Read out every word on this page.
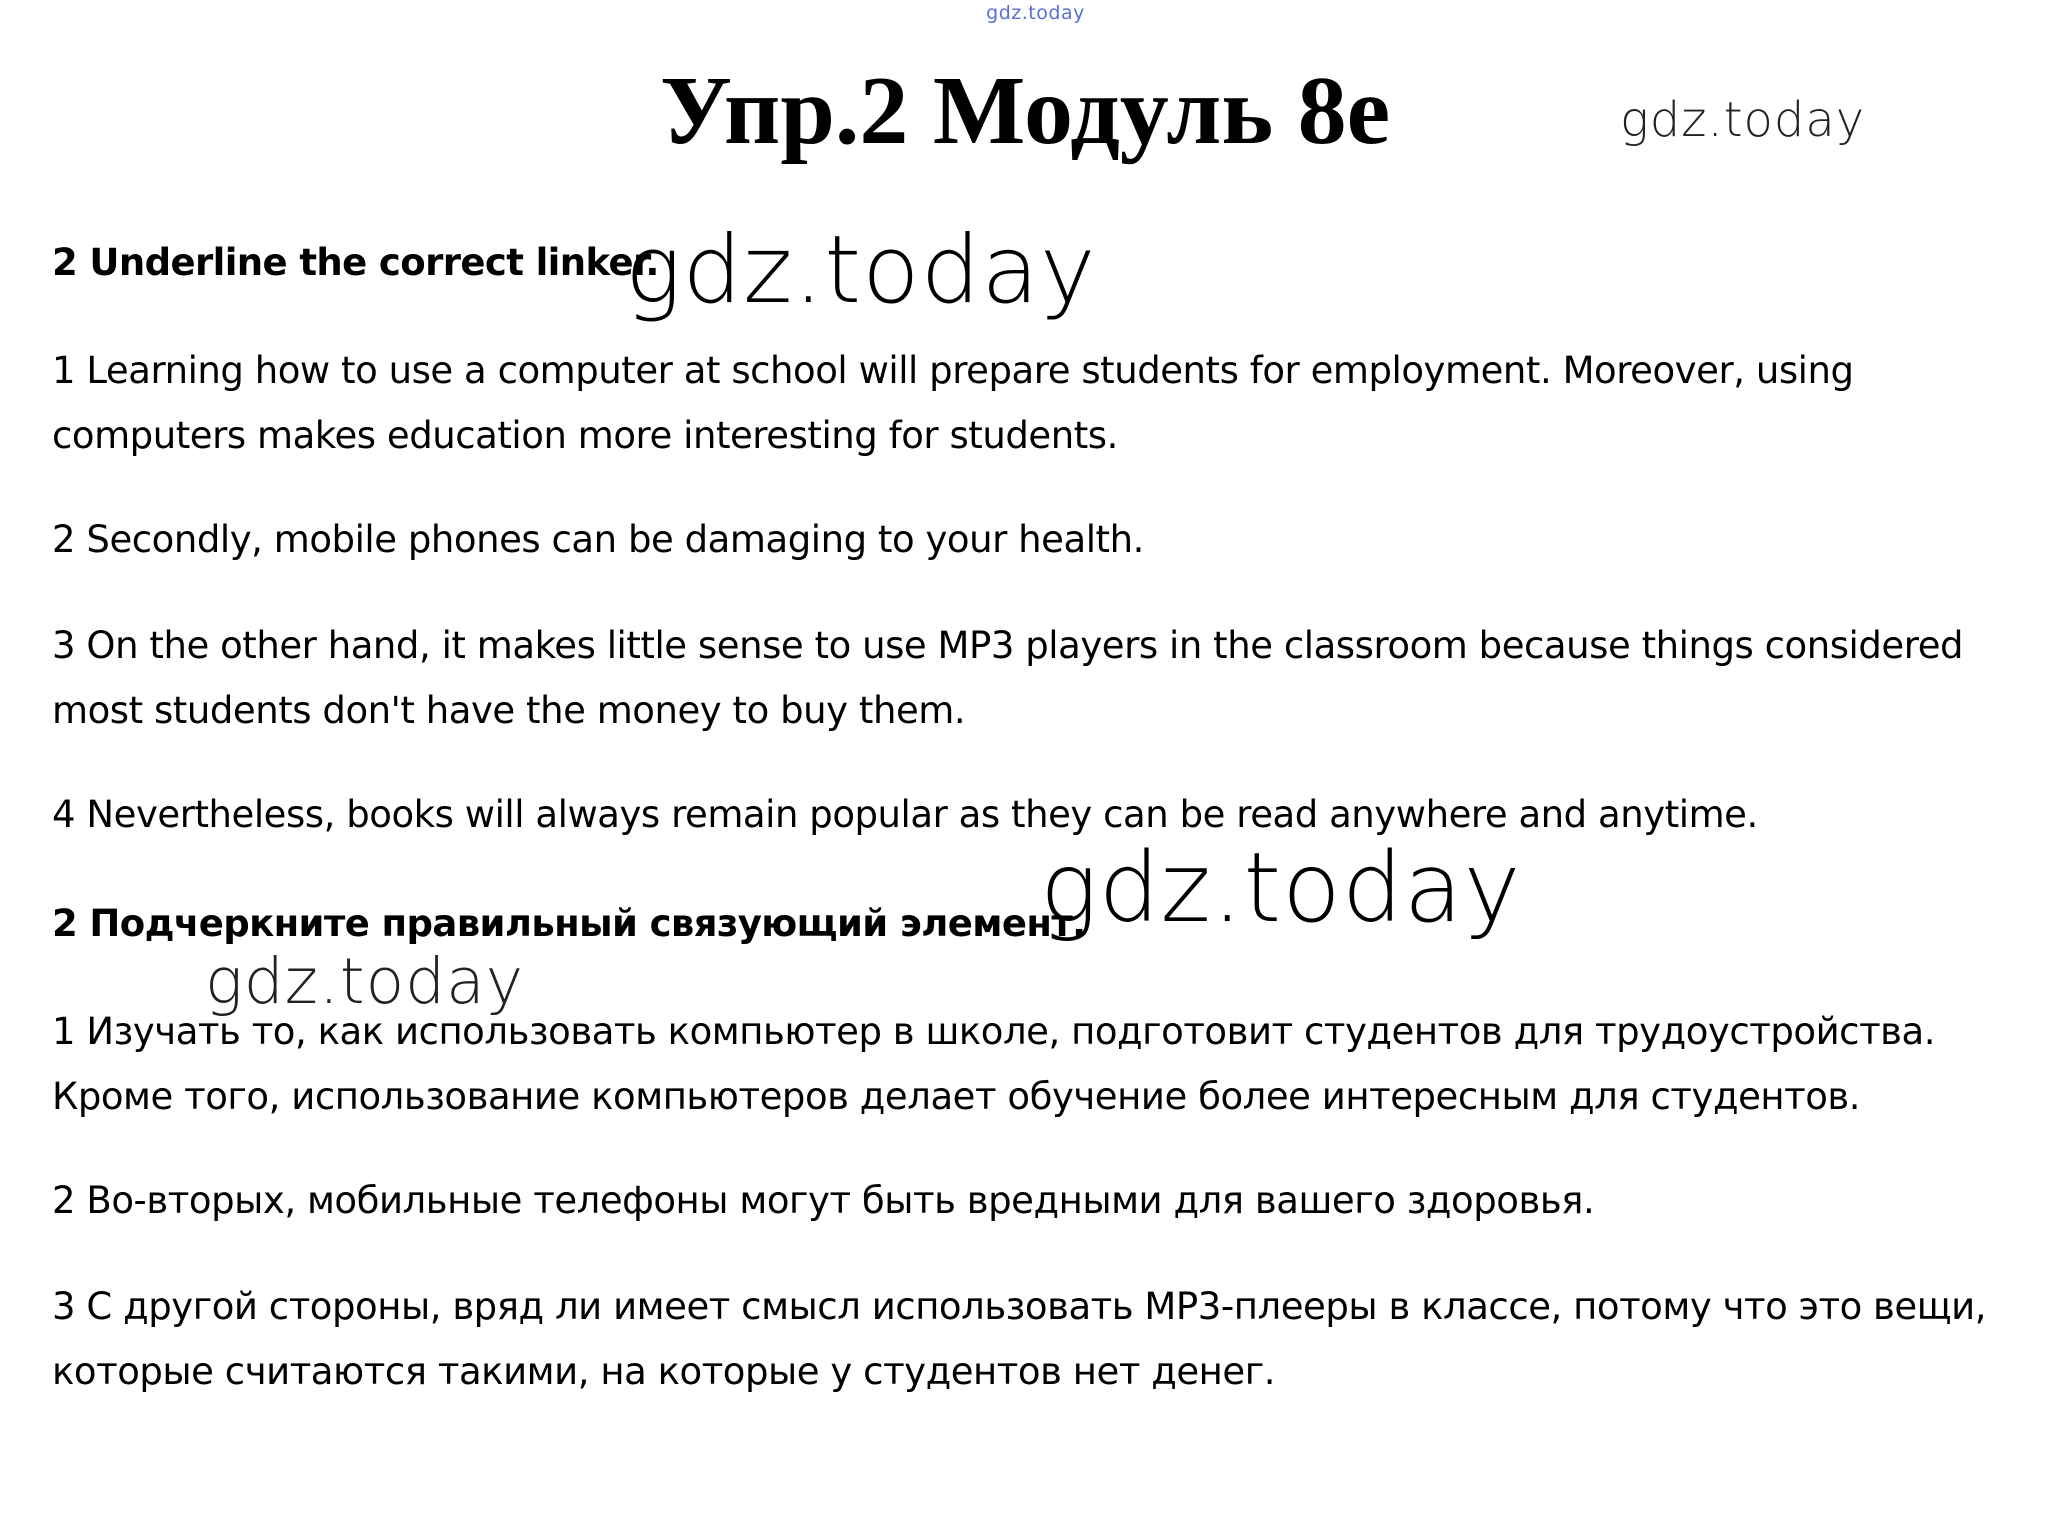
gdz.today
Упр.2 Модуль 8е	gdz.today

2 Underline the correct linker.

1 Learning how to use a computer at school will prepare students for employment. Moreover, using computers makes education more interesting for students.

2 Secondly, mobile phones can be damaging to your health.

3 On the other hand, it makes little sense to use MP3 players in the classroom because things considered most students don't have the money to buy them.

4 Nevertheless, books will always remain popular as they can be read anywhere and anytime.

2 Подчеркните правильный связующий элемент.

1 Изучать то, как использовать компьютер в школе, подготовит студентов для трудоустройства. Кроме того, использование компьютеров делает обучение более интересным для студентов.

2 Во-вторых, мобильные телефоны могут быть вредными для вашего здоровья.

3 С другой стороны, вряд ли имеет смысл использовать MP3-плееры в классе, потому что это вещи, которые считаются такими, на которые у студентов нет денег.

gdz.today
gdz.today
gdz.today
